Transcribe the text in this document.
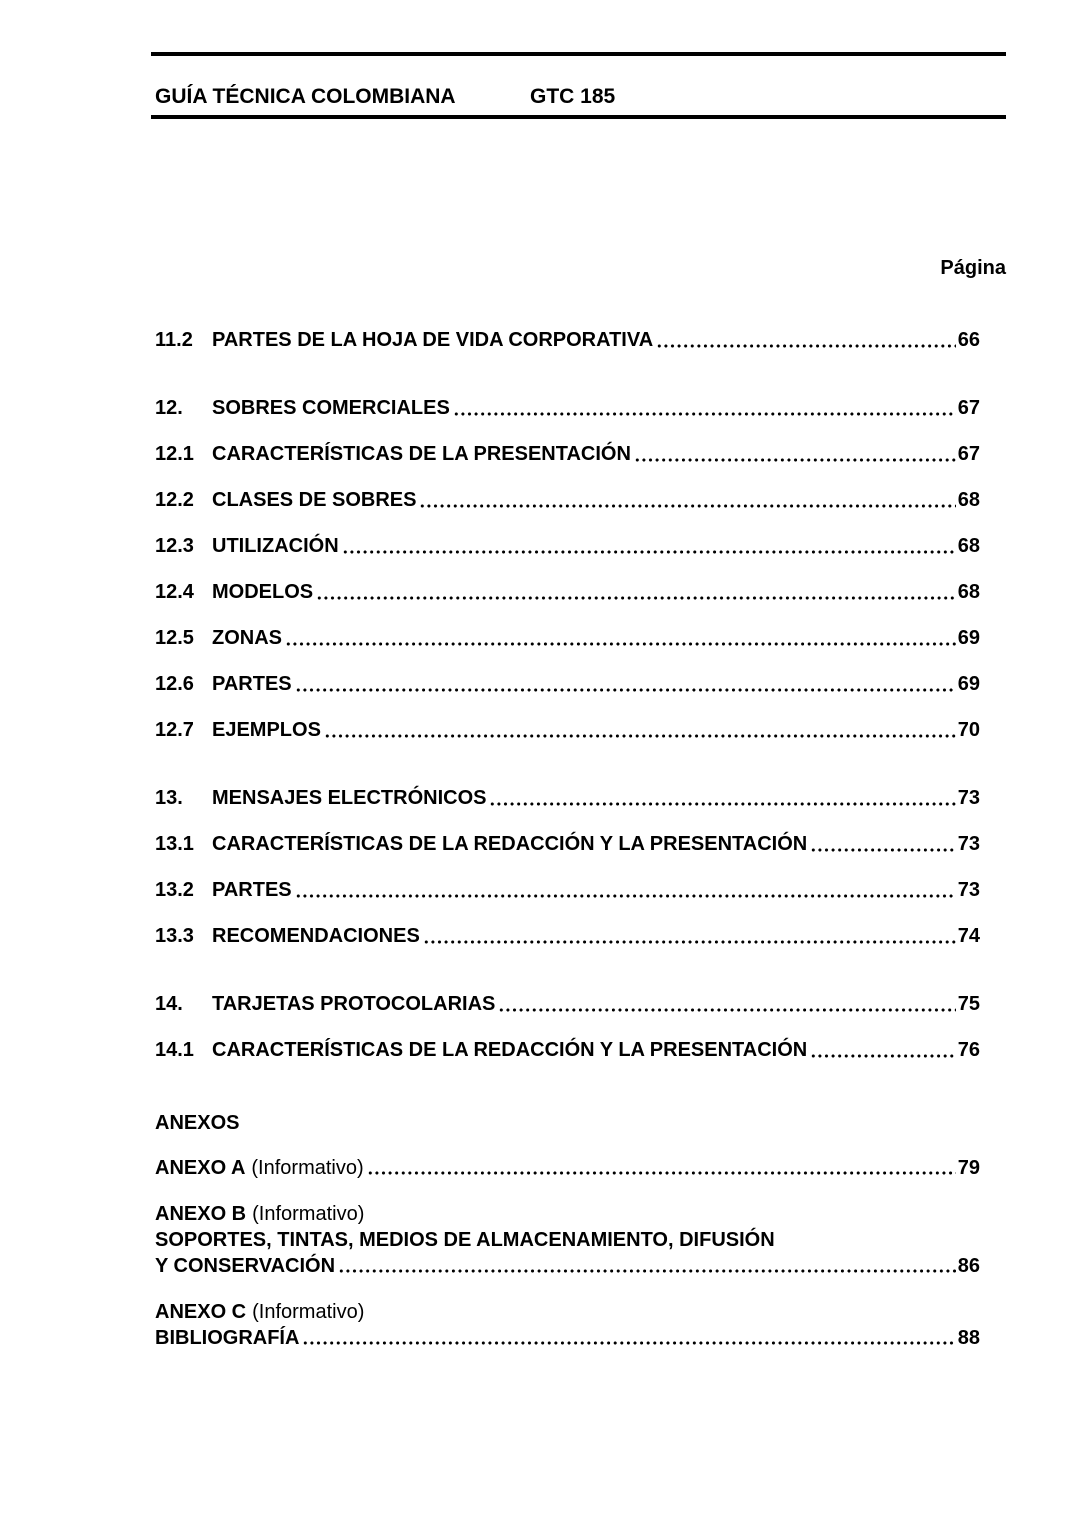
GUÍA TÉCNICA COLOMBIANA	GTC 185
Página
11.2 PARTES DE LA HOJA DE VIDA CORPORATIVA	66
12.	SOBRES COMERCIALES	67
12.1 CARACTERÍSTICAS DE LA PRESENTACIÓN	67
12.2 CLASES DE SOBRES	68
12.3 UTILIZACIÓN	68
12.4 MODELOS	68
12.5 ZONAS	69
12.6 PARTES	69
12.7 EJEMPLOS	70
13.	MENSAJES ELECTRÓNICOS	73
13.1 CARACTERÍSTICAS DE LA REDACCIÓN Y LA PRESENTACIÓN	73
13.2 PARTES	73
13.3 RECOMENDACIONES	74
14.	TARJETAS PROTOCOLARIAS	75
14.1 CARACTERÍSTICAS DE LA REDACCIÓN Y LA PRESENTACIÓN	76
ANEXOS
ANEXO A (Informativo)	79
ANEXO B (Informativo)
SOPORTES, TINTAS, MEDIOS DE ALMACENAMIENTO, DIFUSIÓN
Y CONSERVACIÓN	86
ANEXO C (Informativo)
BIBLIOGRAFÍA	88
